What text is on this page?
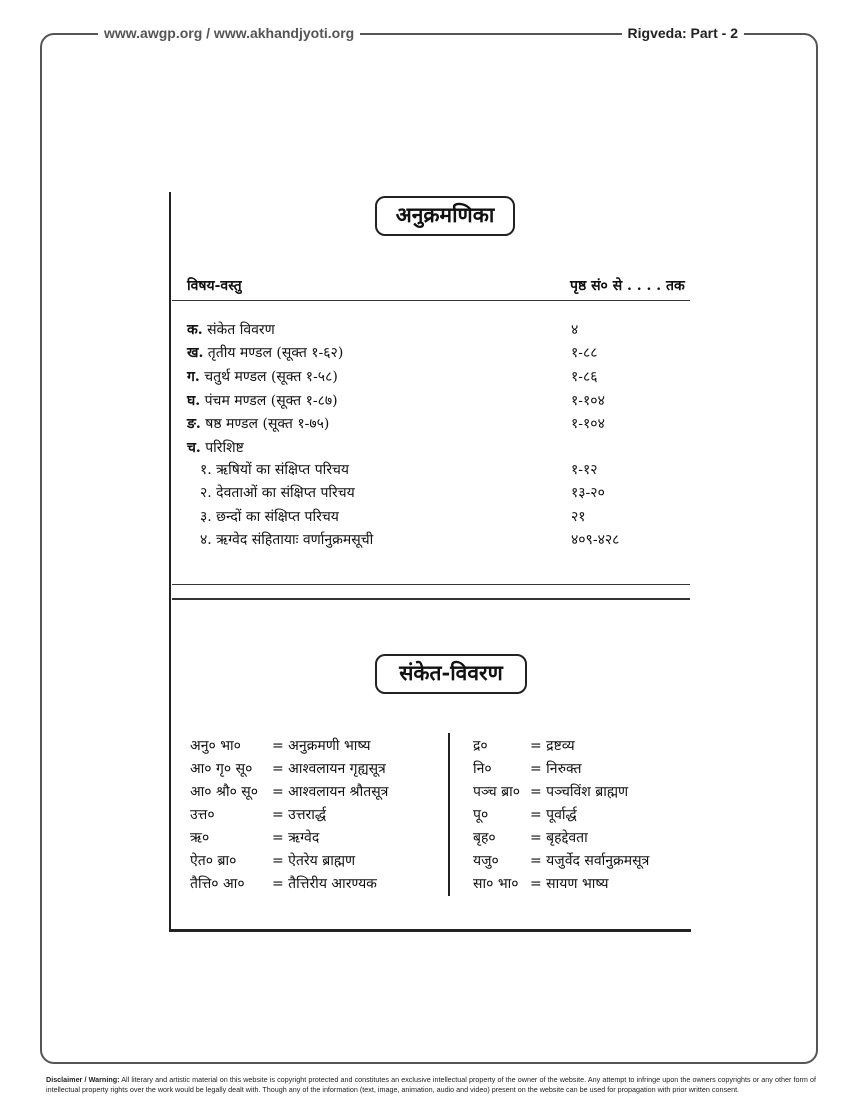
www.awgp.org / www.akhandjyoti.org	Rigveda: Part - 2
अनुक्रमणिका
विषय-वस्तु	पृष्ठ सं० से . . . . तक
क. संकेत विवरण	४
ख. तृतीय मण्डल (सूक्त १-६२)	१-८८
ग. चतुर्थ मण्डल (सूक्त १-५८)	१-८६
घ. पंचम मण्डल (सूक्त १-८७)	१-१०४
ङ. षष्ठ मण्डल (सूक्त १-७५)	१-१०४
च. परिशिष्ट
१. ऋषियों का संक्षिप्त परिचय	१-१२
२. देवताओं का संक्षिप्त परिचय	१३-२०
३. छन्दों का संक्षिप्त परिचय	२१
४. ऋग्वेद संहितायाः वर्णानुक्रमसूची	४०९-४२८
संकेत-विवरण
अनु० भा० = अनुक्रमणी भाष्य
आ० गृ० सू० = आश्वलायन गृह्यसूत्र
आ० श्रौ० सू० = आश्वलायन श्रौतसूत्र
उत्त०	= उत्तरार्द्ध
ऋ०	= ऋग्वेद
ऐत० ब्रा०	= ऐतरेय ब्राह्मण
तैत्ति० आ० = तैत्तिरीय आरण्यक
द्र०	= द्रष्टव्य
नि०	= निरुक्त
पञ्च ब्रा० = पञ्चविंश ब्राह्मण
पू०	= पूर्वार्द्ध
बृह० = बृहद्देवता
यजु० = यजुर्वेद सर्वानुक्रमसूत्र
सा० भा० = सायण भाष्य
Disclaimer / Warning: All literary and artistic material on this website is copyright protected and constitutes an exclusive intellectual property of the owner of the website. Any attempt to infringe upon the owners copyrights or any other form of intellectual property rights over the work would be legally dealt with. Though any of the information (text, image, animation, audio and video) present on the website can be used for propagation with prior written consent.
